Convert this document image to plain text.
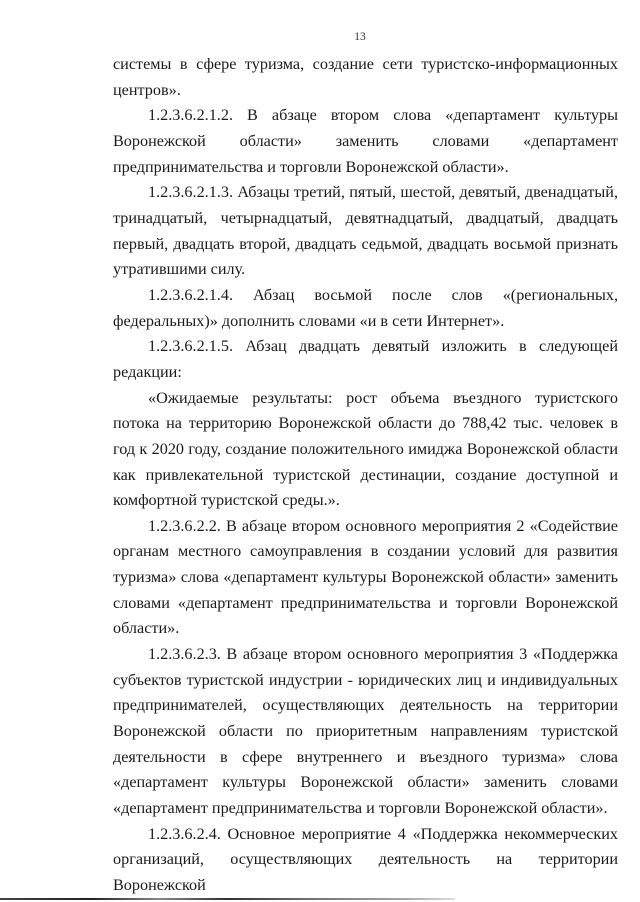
13

системы в сфере туризма, создание сети туристско-информационных центров».

1.2.3.6.2.1.2. В абзаце втором слова «департамент культуры Воронежской области» заменить словами «департамент предпринимательства и торговли Воронежской области».

1.2.3.6.2.1.3. Абзацы третий, пятый, шестой, девятый, двенадцатый, тринадцатый, четырнадцатый, девятнадцатый, двадцатый, двадцать первый, двадцать второй, двадцать седьмой, двадцать восьмой признать утратившими силу.

1.2.3.6.2.1.4. Абзац восьмой после слов «(региональных, федеральных)» дополнить словами «и в сети Интернет».

1.2.3.6.2.1.5. Абзац двадцать девятый изложить в следующей редакции:

«Ожидаемые результаты: рост объема въездного туристского потока на территорию Воронежской области до 788,42 тыс. человек в год к 2020 году, создание положительного имиджа Воронежской области как привлекательной туристской дестинации, создание доступной и комфортной туристской среды.».

1.2.3.6.2.2. В абзаце втором основного мероприятия 2 «Содействие органам местного самоуправления в создании условий для развития туризма» слова «департамент культуры Воронежской области» заменить словами «департамент предпринимательства и торговли Воронежской области».

1.2.3.6.2.3. В абзаце втором основного мероприятия 3 «Поддержка субъектов туристской индустрии - юридических лиц и индивидуальных предпринимателей, осуществляющих деятельность на территории Воронежской области по приоритетным направлениям туристской деятельности в сфере внутреннего и въездного туризма» слова «департамент культуры Воронежской области» заменить словами «департамент предпринимательства и торговли Воронежской области».

1.2.3.6.2.4. Основное мероприятие 4 «Поддержка некоммерческих организаций, осуществляющих деятельность на территории Воронежской
